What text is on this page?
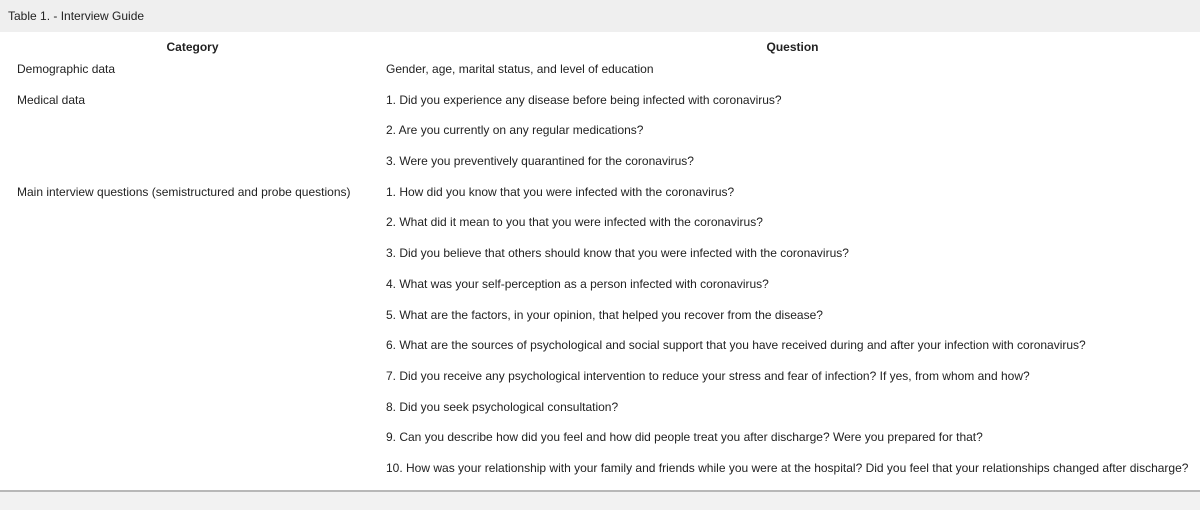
Table 1. - Interview Guide
Category	Question
Demographic data	Gender, age, marital status, and level of education
Medical data	1. Did you experience any disease before being infected with coronavirus?
	2. Are you currently on any regular medications?
	3. Were you preventively quarantined for the coronavirus?
Main interview questions (semistructured and probe questions)	1. How did you know that you were infected with the coronavirus?
	2. What did it mean to you that you were infected with the coronavirus?
	3. Did you believe that others should know that you were infected with the coronavirus?
	4. What was your self-perception as a person infected with coronavirus?
	5. What are the factors, in your opinion, that helped you recover from the disease?
	6. What are the sources of psychological and social support that you have received during and after your infection with coronavirus?
	7. Did you receive any psychological intervention to reduce your stress and fear of infection? If yes, from whom and how?
	8. Did you seek psychological consultation?
	9. Can you describe how did you feel and how did people treat you after discharge? Were you prepared for that?
	10. How was your relationship with your family and friends while you were at the hospital? Did you feel that your relationships changed after discharge?
